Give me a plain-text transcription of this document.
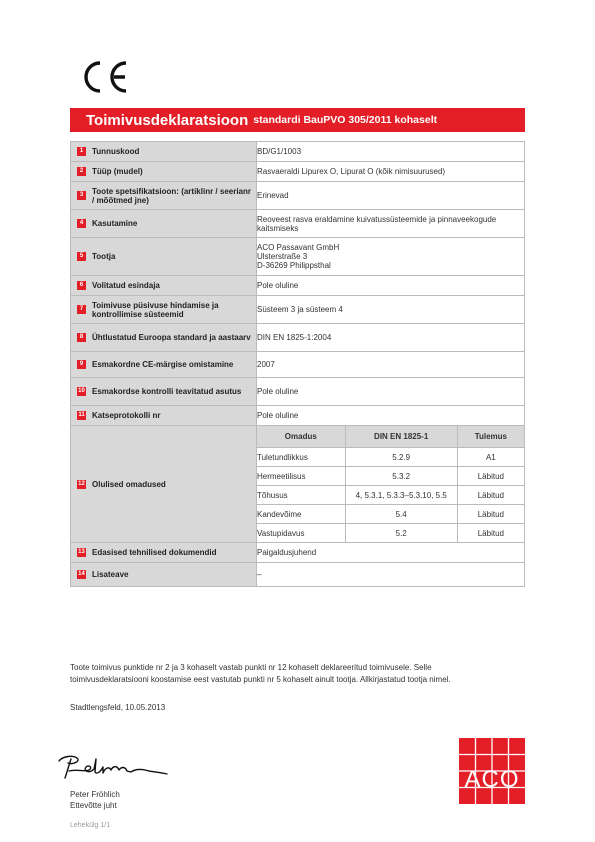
Toimivusdeklaratsioon standardi BauPVO 305/2011 kohaselt
1	Tunnuskood	BD/G1/1003

2	Tüüp (mudel)	Rasvaeraldi Lipurex O, Lipurat O (kõik nimisuurused)

3	Toote spetsifikatsioon: (artiklinr / seerianr / mõõtmed jne)	Erinevad

4	Kasutamine	Reoveest rasva eraldamine kuivatussüsteemide ja pinnaveekogude kaitsmiseks

5	Tootja

ACO Passavant GmbH
Ulsterstraße 3
D-36269 Philippsthal

6	Volitatud esindaja	Pole oluline

7	Toimivuse püsivuse hindamise ja kontrollimise süsteemid	Süsteem 3 ja süsteem 4

8	Ühtlustatud Euroopa standard ja aastaarv	DIN EN 1825-1:2004

9	Esmakordne CE-märgise omistamine	2007

10 Esmakordse kontrolli teavitatud asutus	Pole oluline

11 Katseprotokolli nr	Pole oluline

12 Olulised omadused

Omadus	DIN EN 1825-1	Tulemus
Tuletundlikkus	5.2.9	A1
Hermeetilisus	5.3.2	Läbitud
Tõhusus	4, 5.3.1, 5.3.3–5.3.10, 5.5	Läbitud
Kandevõime	5.4	Läbitud
Vastupidavus	5.2	Läbitud

13 Edasised tehnilised dokumendid	Paigaldusjuhend

14 Lisateave	–

Toote toimivus punktide nr 2 ja 3 kohaselt vastab punkti nr 12 kohaselt deklareeritud toimivusele. Selle

toimivusdeklaratsiooni koostamise eest vastutab punkti nr 5 kohaselt ainult tootja. Allkirjastatud tootja nimel.

Stadtlengsfeld, 10.05.2013
Peter Fröhlich
Ettevõtte juht
Lehekülg 1/1
ACO
